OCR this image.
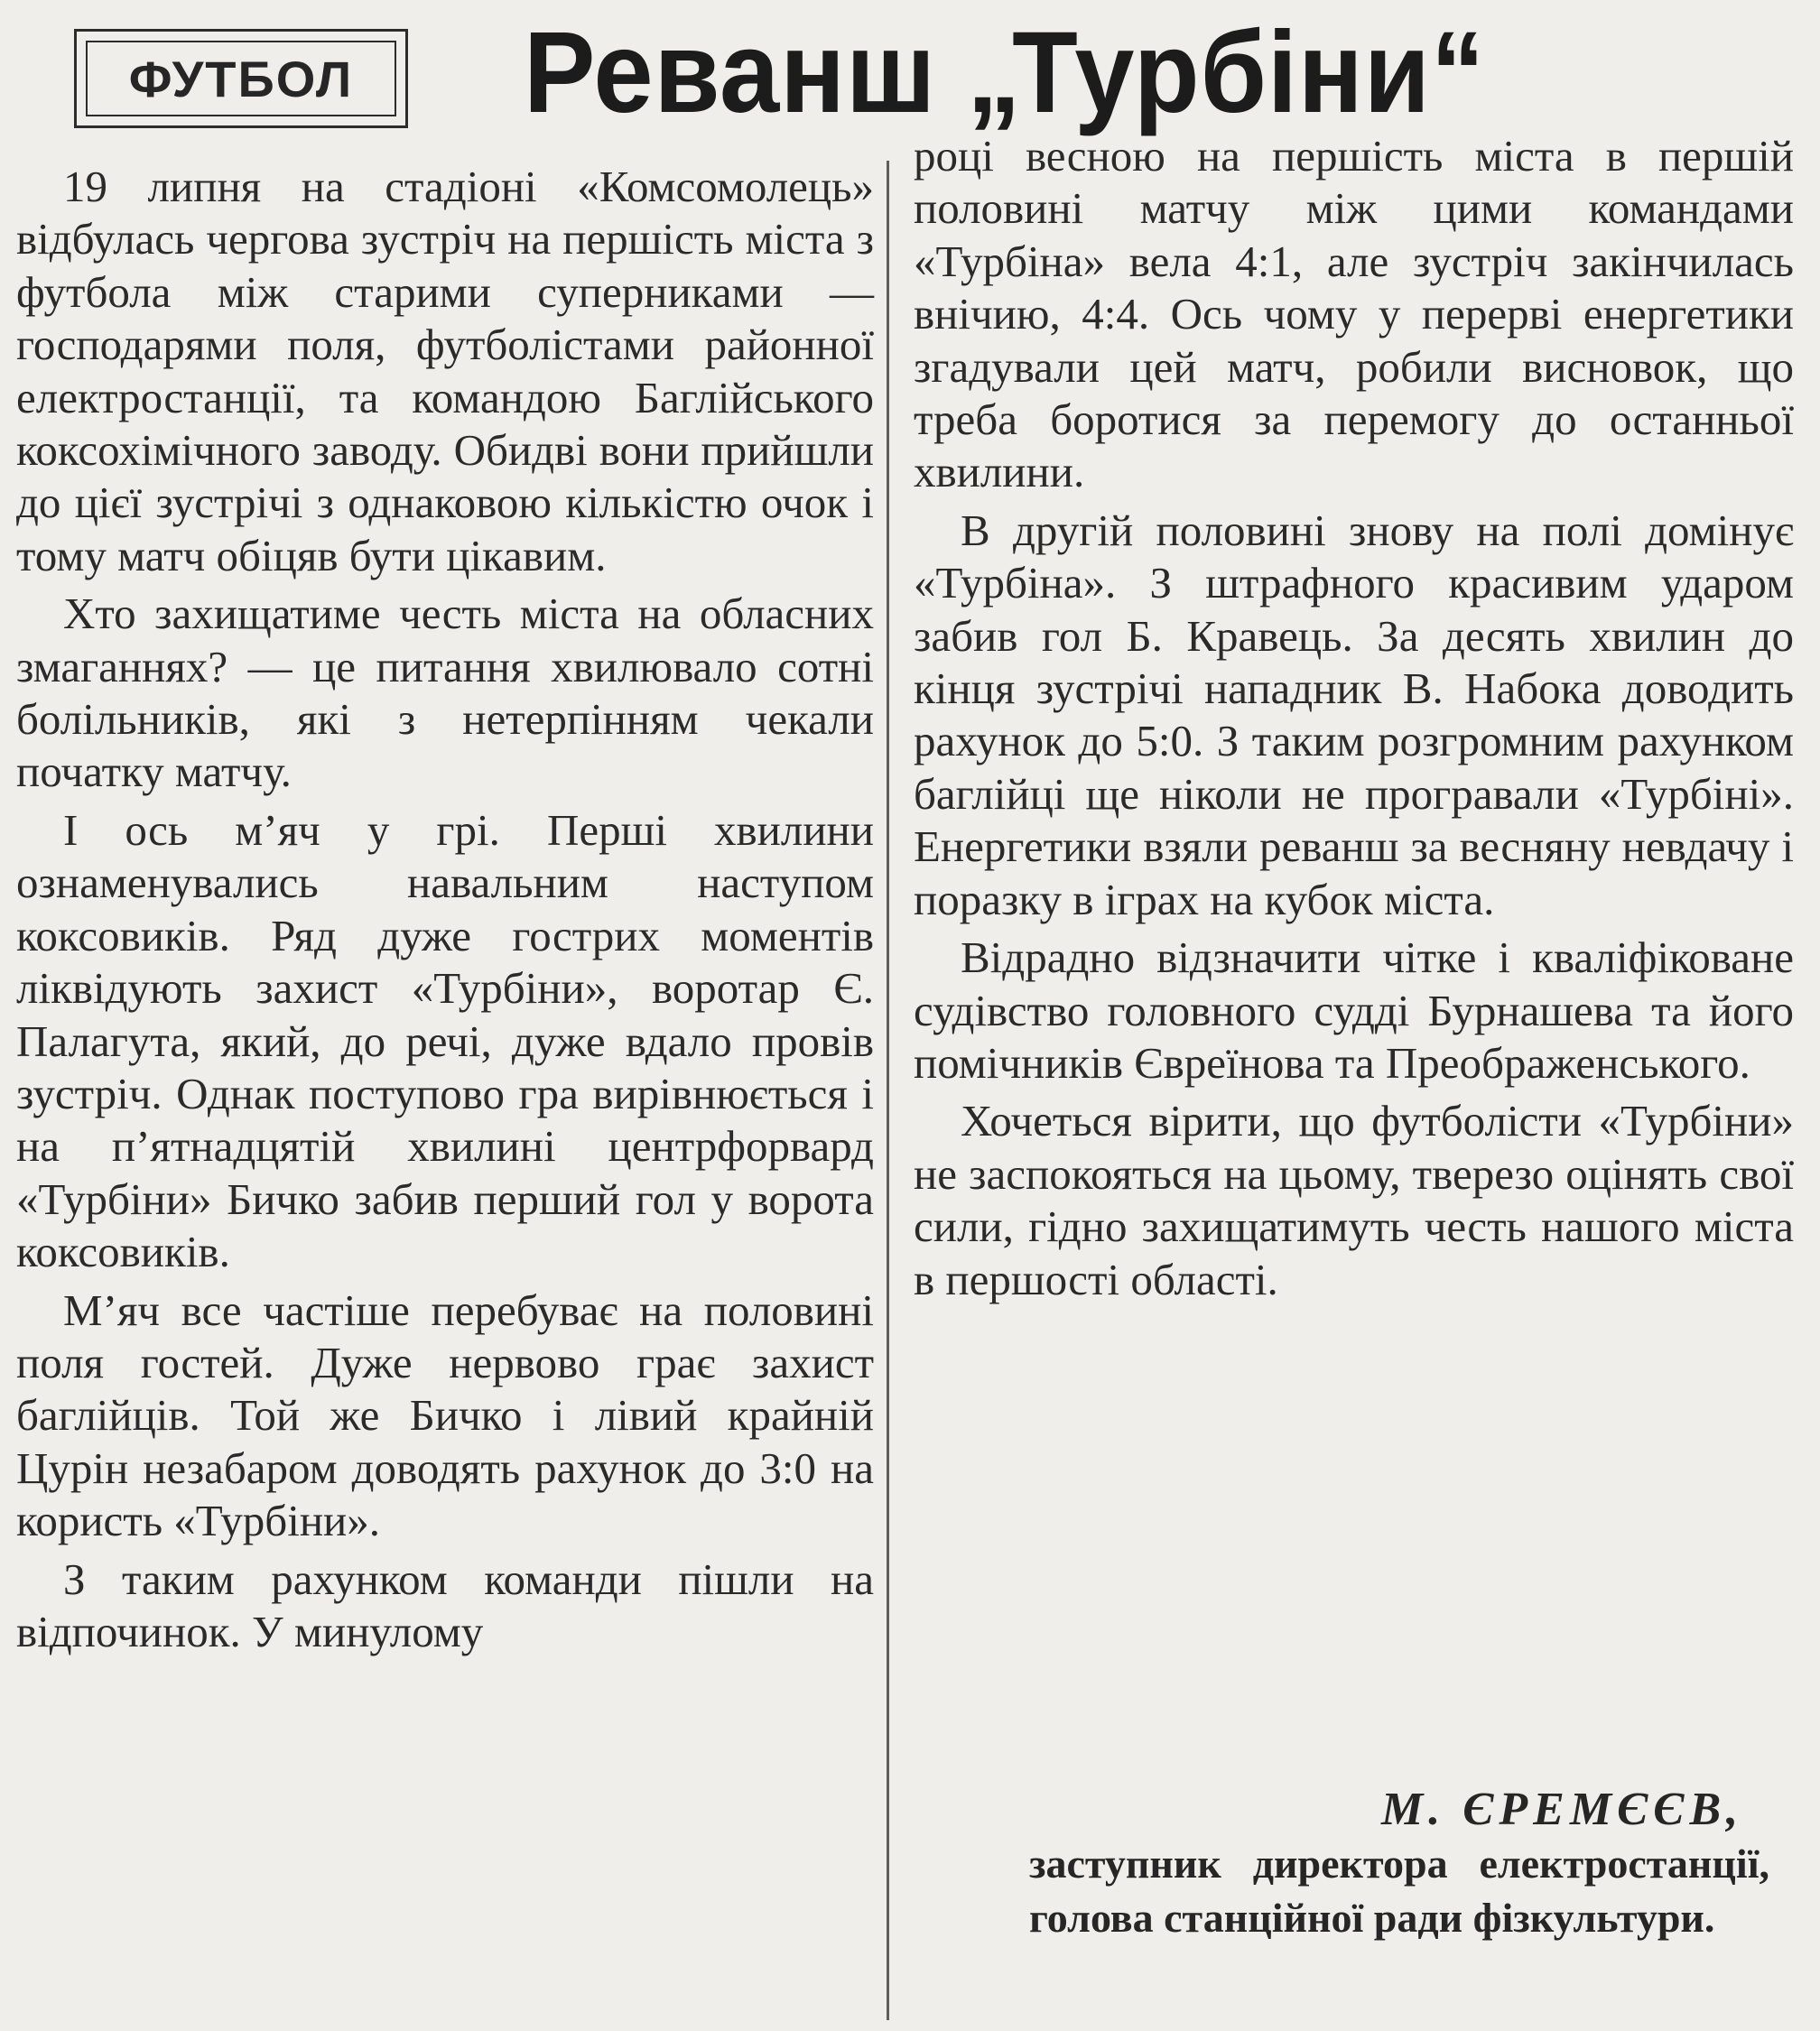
ФУТБОЛ	Реванш „Турбіни“

19 липня на стадіоні «Комсомолець» відбулась чергова зустріч на першість міста з футбола між старими суперниками — господарями поля, футболістами районної електростанції, та командою Баглійського коксохімічного заводу. Обидві вони прийшли до цієї зустрічі з однаковою кількістю очок і тому матч обіцяв бути цікавим.

Хто захищатиме честь міста на обласних змаганнях? — це питання хвилювало сотні болільників, які з нетерпінням чекали початку матчу.

І ось м’яч у грі. Перші хвилини ознаменувались навальним наступом коксовиків. Ряд дуже гострих моментів ліквідують захист «Турбіни», воротар Є. Палагута, який, до речі, дуже вдало провів зустріч. Однак поступово гра вирівнюється і на п’ятнадцятій хвилині центрфорвард «Турбіни» Бичко забив перший гол у ворота коксовиків.

М’яч все частіше перебуває на половині поля гостей. Дуже нервово грає захист баглійців. Той же Бичко і лівий крайній Цурін незабаром доводять рахунок до 3:0 на користь «Турбіни».

З таким рахунком команди пішли на відпочинок. У минулому

році весною на першість міста в першій половині матчу між цими командами «Турбіна» вела 4:1, але зустріч закінчилась внічию, 4:4. Ось чому у перерві енергетики згадували цей матч, робили висновок, що треба боротися за перемогу до останньої хвилини.

В другій половині знову на полі домінує «Турбіна». З штрафного красивим ударом забив гол Б. Кравець. За десять хвилин до кінця зустрічі нападник В. Набока доводить рахунок до 5:0. З таким розгромним рахунком баглійці ще ніколи не програвали «Турбіні». Енергетики взяли реванш за весняну невдачу і поразку в іграх на кубок міста.

Відрадно відзначити чітке і кваліфіковане судівство головного судді Бурнашева та його помічників Євреїнова та Преображенського.

Хочеться вірити, що футболісти «Турбіни» не заспокояться на цьому, тверезо оцінять свої сили, гідно захищатимуть честь нашого міста в першості області.

М. ЄРЕМЄЄВ,
заступник директора електростанції, голова станційної ради фізкультури.
